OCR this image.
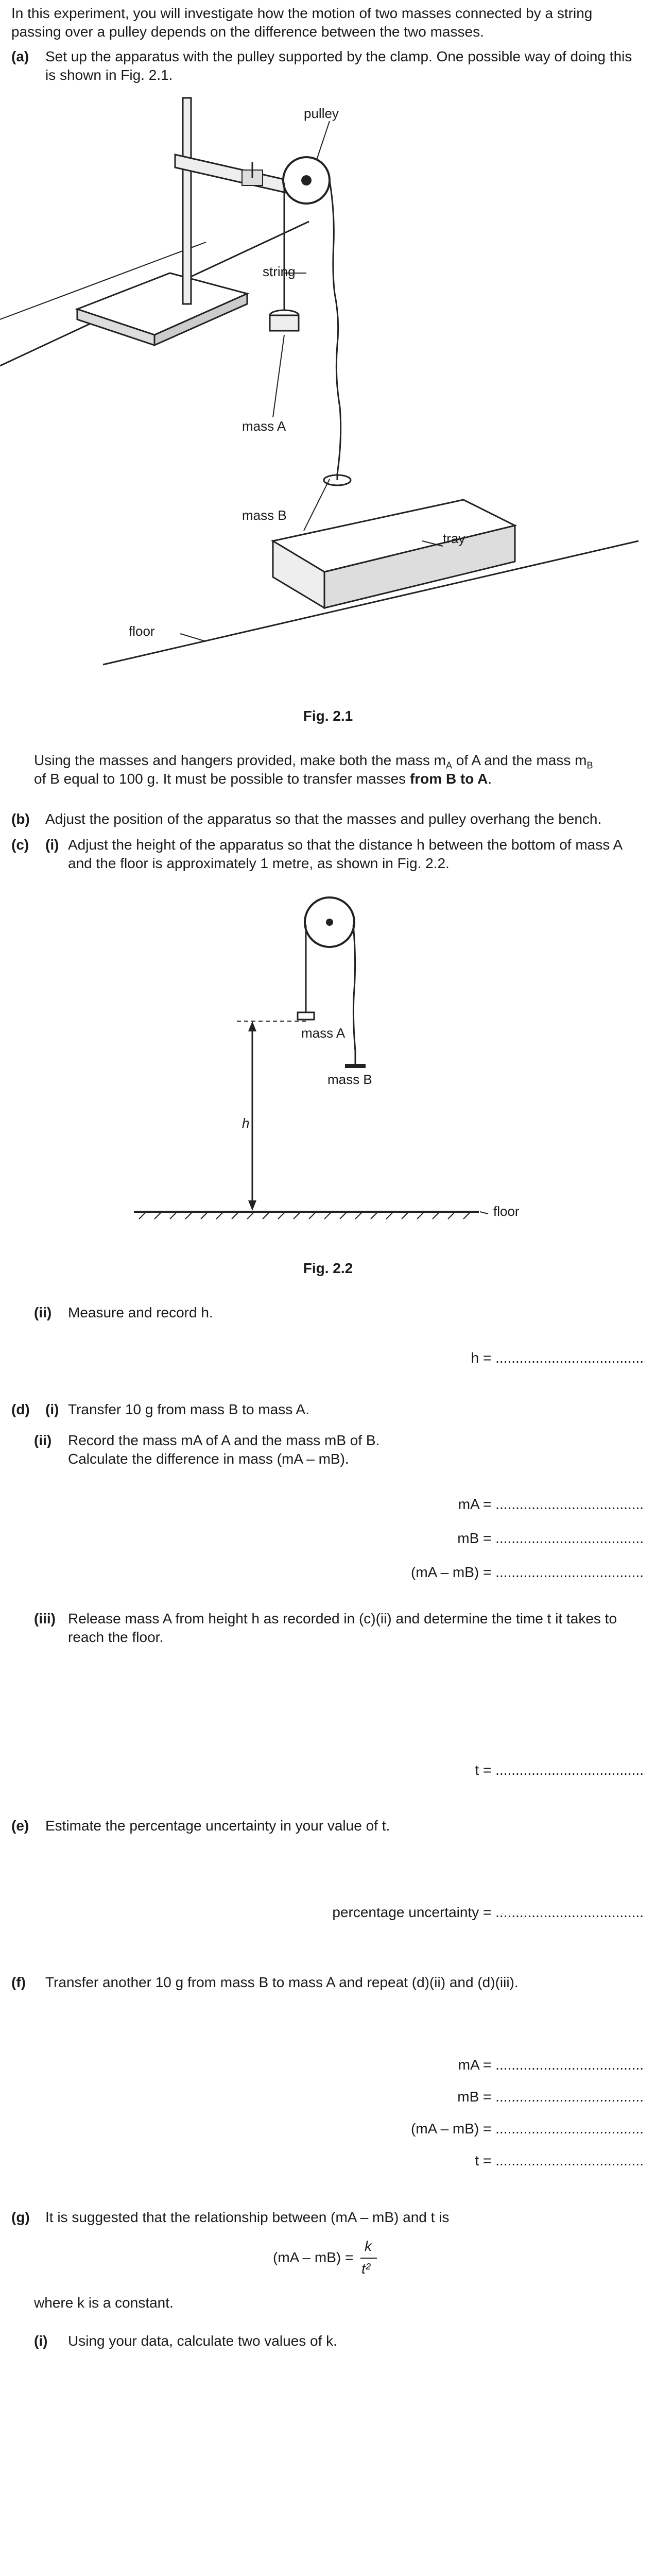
In this experiment, you will investigate how the motion of two masses connected by a string passing over a pulley depends on the difference between the two masses.
(a) Set up the apparatus with the pulley supported by the clamp. One possible way of doing this is shown in Fig. 2.1.
pulley
string
mass A
mass B
tray
floor
Fig. 2.1
Using the masses and hangers provided, make both the mass $m_A$ of A and the mass $m_B$
of B equal to 100 g. It must be possible to transfer masses from B to A.
(b) Adjust the position of the apparatus so that the masses and pulley overhang the bench.
(c) (i) Adjust the height of the apparatus so that the distance h between the bottom of mass A and the floor is approximately 1 metre, as shown in Fig. 2.2.
mass A
mass B
h
floor
Fig. 2.2
(ii) Measure and record h.
h = .....................................
(d) (i) Transfer 10 g from mass B to mass A.
(ii) Record the mass mA of A and the mass mB of B.
Calculate the difference in mass (mA – mB).
mA = .....................................
mB = .....................................
(mA – mB) = .....................................
(iii) Release mass A from height h as recorded in (c)(ii) and determine the time t it takes to reach the floor.
t = .....................................
(e) Estimate the percentage uncertainty in your value of t.
percentage uncertainty = .....................................
(f) Transfer another 10 g from mass B to mass A and repeat (d)(ii) and (d)(iii).
mA = .....................................
mB = .....................................
(mA – mB) = .....................................
t = .....................................
(g) It is suggested that the relationship between (mA – mB) and t is
(mA – mB) =
k
t²
where k is a constant.
(i) Using your data, calculate two values of k.
